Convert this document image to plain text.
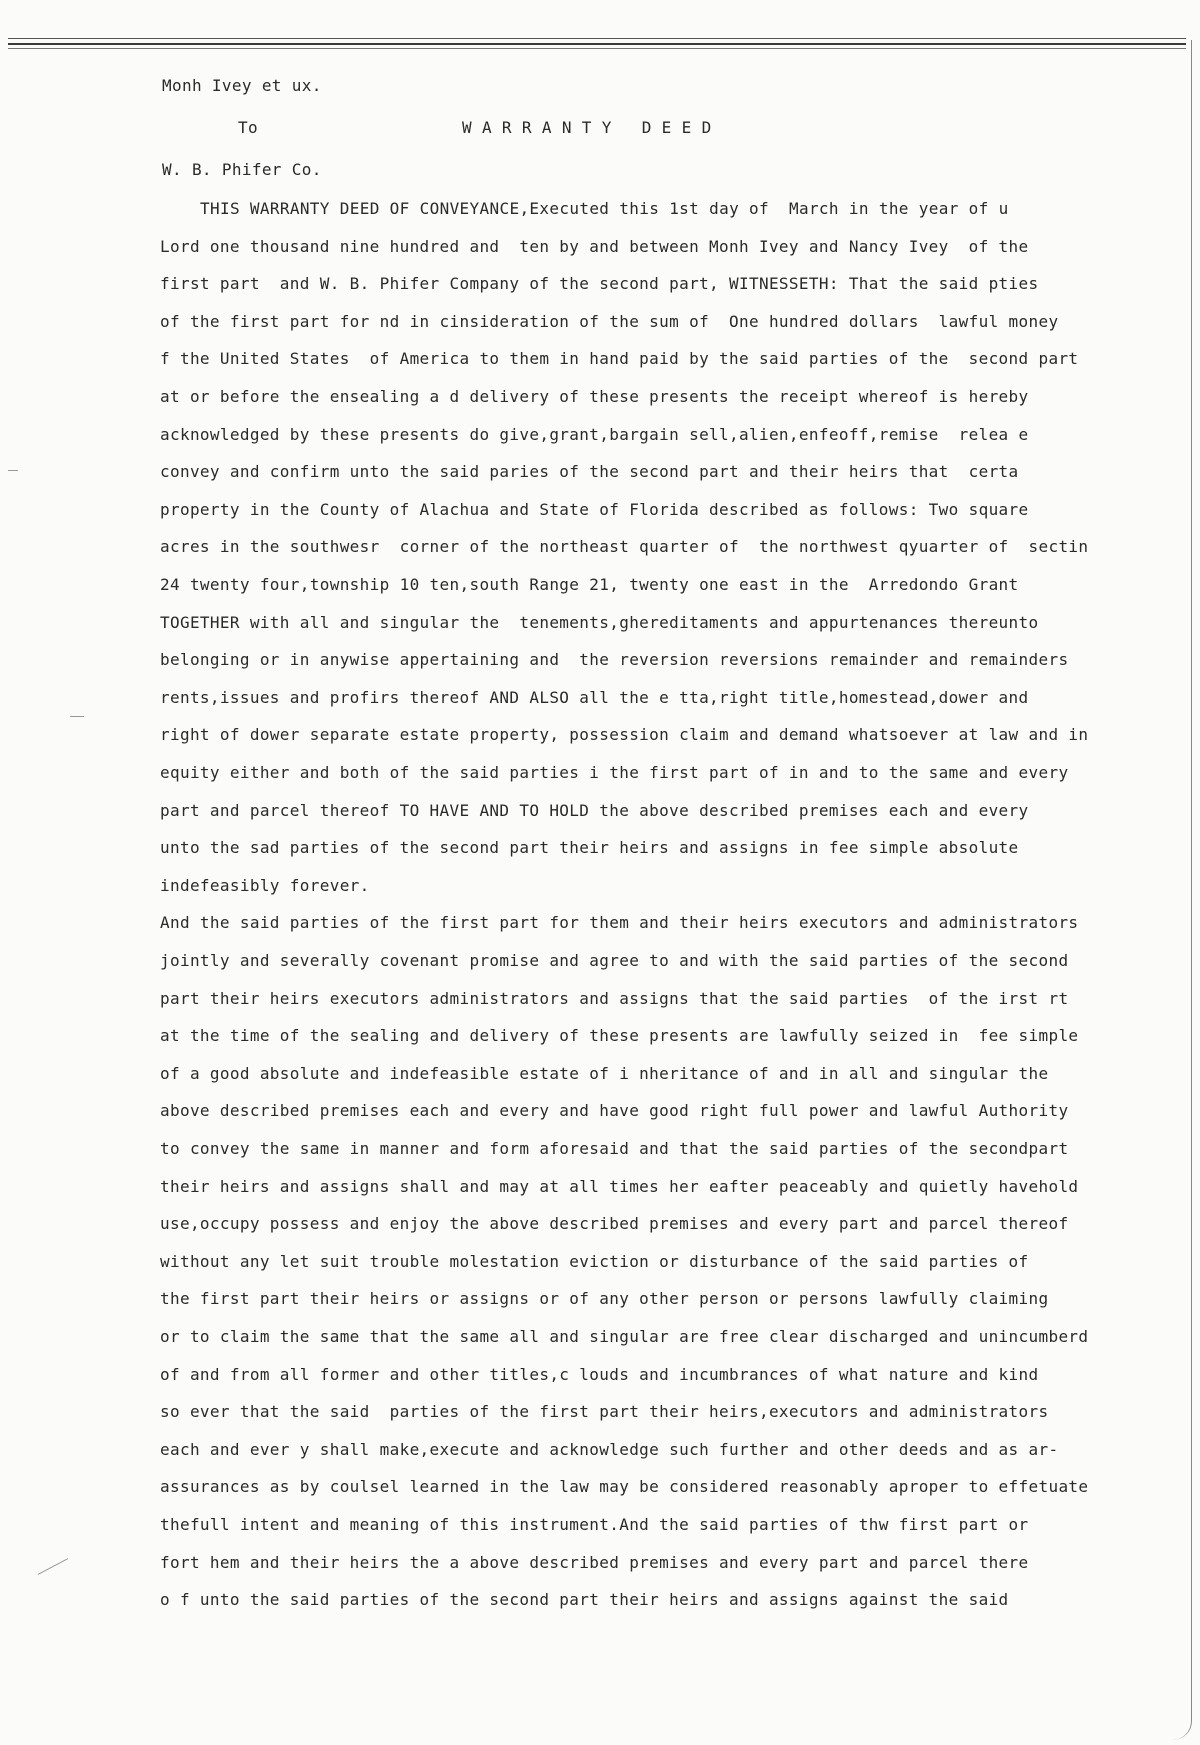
Monh Ivey et ux.

To

	W A R R A N T Y   D E E D

W. B. Phifer Co.
THIS WARRANTY DEED OF CONVEYANCE,Executed this 1st day of  March in the year of u
Lord one thousand nine hundred and  ten by and between Monh Ivey and Nancy Ivey  of the
first part  and W. B. Phifer Company of the second part, WITNESSETH: That the said pties
of the first part for nd in cinsideration of the sum of  One hundred dollars  lawful money
f the United States  of America to them in hand paid by the said parties of the  second part
at or before the ensealing a d delivery of these presents the receipt whereof is hereby
acknowledged by these presents do give,grant,bargain sell,alien,enfeoff,remise  relea e
convey and confirm unto the said paries of the second part and their heirs that  certa
property in the County of Alachua and State of Florida described as follows: Two square
acres in the southwesr  corner of the northeast quarter of  the northwest qyuarter of  sectin
24 twenty four,township 10 ten,south Range 21, twenty one east in the  Arredondo Grant
TOGETHER with all and singular the  tenements,ghereditaments and appurtenances thereunto
belonging or in anywise appertaining and  the reversion reversions remainder and remainders
rents,issues and profirs thereof AND ALSO all the e tta,right title,homestead,dower and
right of dower separate estate property, possession claim and demand whatsoever at law and in
equity either and both of the said parties i the first part of in and to the same and every
part and parcel thereof TO HAVE AND TO HOLD the above described premises each and every
unto the sad parties of the second part their heirs and assigns in fee simple absolute
indefeasibly forever.
And the said parties of the first part for them and their heirs executors and administrators
jointly and severally covenant promise and agree to and with the said parties of the second
part their heirs executors administrators and assigns that the said parties  of the irst rt
at the time of the sealing and delivery of these presents are lawfully seized in  fee simple
of a good absolute and indefeasible estate of i nheritance of and in all and singular the
above described premises each and every and have good right full power and lawful Authority
to convey the same in manner and form aforesaid and that the said parties of the secondpart
their heirs and assigns shall and may at all times her eafter peaceably and quietly havehold
use,occupy possess and enjoy the above described premises and every part and parcel thereof
without any let suit trouble molestation eviction or disturbance of the said parties of
the first part their heirs or assigns or of any other person or persons lawfully claiming
or to claim the same that the same all and singular are free clear discharged and unincumberd
of and from all former and other titles,c louds and incumbrances of what nature and kind
so ever that the said  parties of the first part their heirs,executors and administrators
each and ever y shall make,execute and acknowledge such further and other deeds and as ar-
assurances as by coulsel learned in the law may be considered reasonably aproper to effetuate
thefull intent and meaning of this instrument.And the said parties of thw first part or
fort hem and their heirs the a above described premises and every part and parcel there
o f unto the said parties of the second part their heirs and assigns against the said
